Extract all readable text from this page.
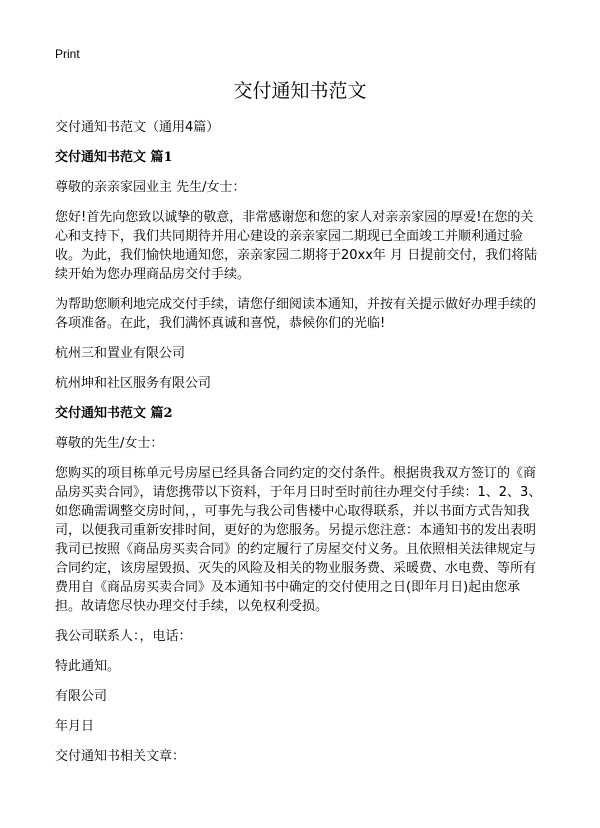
Print
交付通知书范文

交付通知书范文（通用4篇）

交付通知书范文 篇1

尊敬的亲亲家园业主 先生/女士：

您好!首先向您致以诚挚的敬意，非常感谢您和您的家人对亲亲家园的厚爱!在您的关心和支持下，我们共同期待并用心建设的亲亲家园二期现已全面竣工并顺利通过验收。为此，我们愉快地通知您，亲亲家园二期将于20xx年 月 日提前交付，我们将陆续开始为您办理商品房交付手续。

为帮助您顺利地完成交付手续，请您仔细阅读本通知，并按有关提示做好办理手续的各项准备。在此，我们满怀真诚和喜悦，恭候你们的光临!

杭州三和置业有限公司

杭州坤和社区服务有限公司

交付通知书范文 篇2

尊敬的先生/女士：

您购买的项目栋单元号房屋已经具备合同约定的交付条件。根据贵我双方签订的《商品房买卖合同》，请您携带以下资料，于年月日时至时前往办理交付手续：1、2、3、如您确需调整交房时间，，可事先与我公司售楼中心取得联系，并以书面方式告知我司，以便我司重新安排时间，更好的为您服务。另提示您注意：本通知书的发出表明我司已按照《商品房买卖合同》的约定履行了房屋交付义务。且依照相关法律规定与合同约定，该房屋毁损、灭失的风险及相关的物业服务费、采暖费、水电费、等所有费用自《商品房买卖合同》及本通知书中确定的交付使用之日(即年月日)起由您承担。故请您尽快办理交付手续，以免权利受损。

我公司联系人：，电话：

特此通知。

有限公司

年月日

交付通知书相关文章：
